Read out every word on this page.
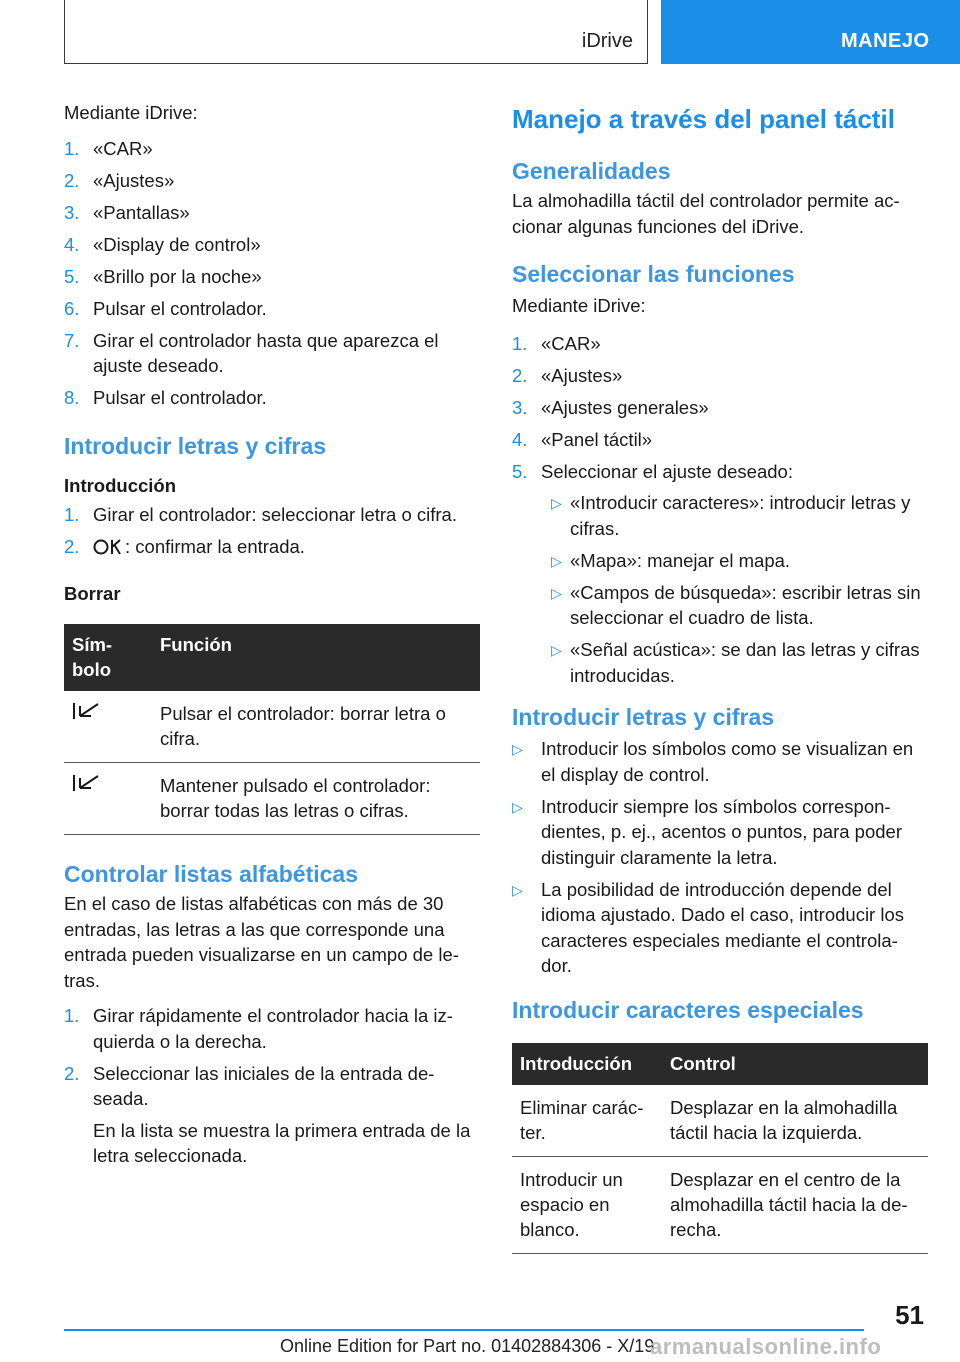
iDrive	MANEJO

Mediante iDrive:

1. «CAR»
2. «Ajustes»
3. «Pantallas»
4. «Display de control»
5. «Brillo por la noche»
6. Pulsar el controlador.
7. Girar el controlador hasta que aparezca el ajuste deseado.
8. Pulsar el controlador.
Introducir letras y cifras
Introducción
1. Girar el controlador: seleccionar letra o cifra.
2. : confirmar la entrada.
Borrar
Sím-bolo	Función
	Pulsar el controlador: borrar letra o cifra.
	Mantener pulsado el controlador: borrar todas las letras o cifras.
Controlar listas alfabéticas

En el caso de listas alfabéticas con más de 30 entradas, las letras a las que corresponde una entrada pueden visualizarse en un campo de le-tras.

1. Girar rápidamente el controlador hacia la iz-quierda o la derecha.
2. Seleccionar las iniciales de la entrada de-seada.
En la lista se muestra la primera entrada de la letra seleccionada.
Manejo a través del panel táctil
Generalidades

La almohadilla táctil del controlador permite ac-cionar algunas funciones del iDrive.

Seleccionar las funciones

Mediante iDrive:

1. «CAR»
2. «Ajustes»
3. «Ajustes generales»
4. «Panel táctil»
5. Seleccionar el ajuste deseado:
▷ «Introducir caracteres»: introducir letras y cifras.
▷ «Mapa»: manejar el mapa.
▷ «Campos de búsqueda»: escribir letras sin seleccionar el cuadro de lista.
▷ «Señal acústica»: se dan las letras y cifras introducidas.
Introducir letras y cifras
▷ Introducir los símbolos como se visualizan en el display de control.
▷ Introducir siempre los símbolos correspon-dientes, p. ej., acentos o puntos, para poder distinguir claramente la letra.
▷ La posibilidad de introducción depende del idioma ajustado. Dado el caso, introducir los caracteres especiales mediante el controla-dor.
Introducir caracteres especiales
Introducción	Control
Eliminar carác-ter.	Desplazar en la almohadilla táctil hacia la izquierda.
Introducir un espacio en blanco.	Desplazar en el centro de la almohadilla táctil hacia la de-recha.
51
Online Edition for Part no. 01402884306 - X/19
armanualsonline.info
